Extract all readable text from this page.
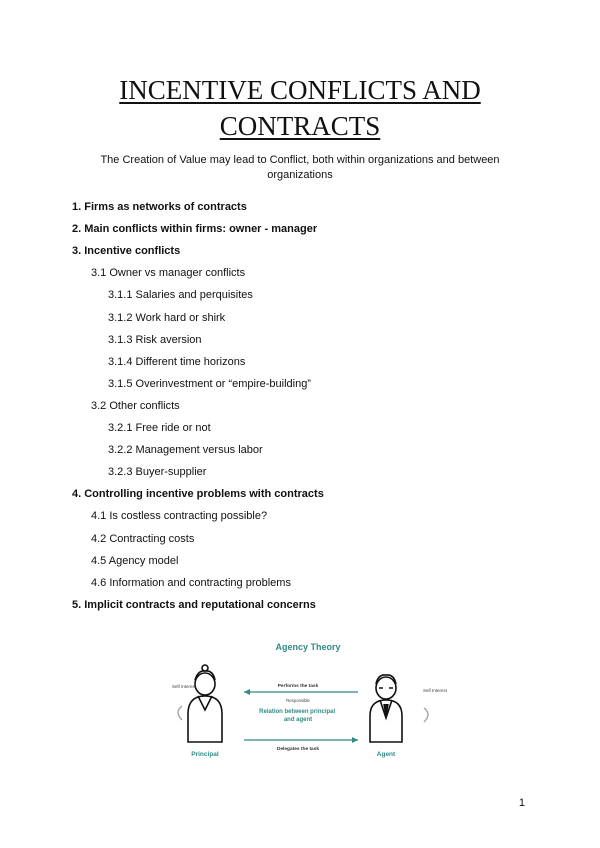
INCENTIVE CONFLICTS AND
CONTRACTS

The Creation of Value may lead to Conflict, both within organizations and between organizations

1. Firms as networks of contracts
2. Main conflicts within firms: owner - manager
3. Incentive conflicts
3.1 Owner vs manager conflicts
3.1.1 Salaries and perquisites
3.1.2 Work hard or shirk
3.1.3 Risk aversion
3.1.4 Different time horizons
3.1.5 Overinvestment or “empire-building”
3.2 Other conflicts
3.2.1 Free ride or not
3.2.2 Management versus labor
3.2.3 Buyer-supplier
4. Controlling incentive problems with contracts
4.1 Is costless contracting possible?
4.2 Contracting costs
4.5 Agency model
4.6 Information and contracting problems
5. Implicit contracts and reputational concerns
Agency Theory
Principal	Agent
Self Interest
Self Interest
Performs the task
Responsible
Relation between principal and agent
Delegates the task
1
